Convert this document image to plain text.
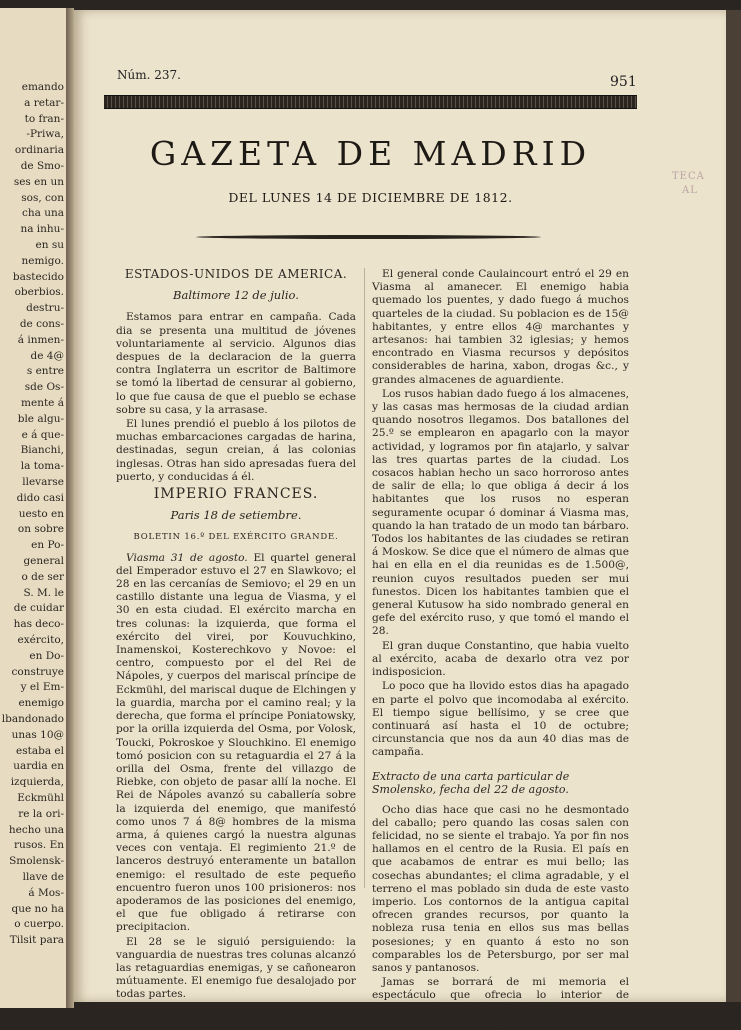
emando
a retar-
to fran-
-Priwa,
ordinaria
de Smo-
ses en un
sos, con
cha una
na inhu-
en su
nemigo.
bastecido
oberbios.
destru-
de cons-
á inmen-
de 4@
s entre
sde Os-
mente á
ble algu-
e á que-
Bianchi,
la toma-
llevarse
dido casi
uesto en
on sobre
en Po-
general
o de ser
S. M. le
de cuidar
has deco-
exército,
en Do-
construye
y el Em-
enemigo
lbandonado
unas 10@
estaba el
uardia en
izquierda,
Eckmühl
re la ori-
hecho una
rusos. En
Smolensk-
llave de
á Mos-
que no ha
o cuerpo.
Tilsit para
Núm. 237.	951
GAZETA DE MADRID
DEL LUNES 14 DE DICIEMBRE DE 1812.
TECA
AL
ESTADOS-UNIDOS DE AMERICA.
Baltimore 12 de julio.

Estamos para entrar en campaña. Cada dia se presenta una multitud de jóvenes voluntariamente al servicio. Algunos dias despues de la declaracion de la guerra contra Inglaterra un escritor de Baltimore se tomó la libertad de censurar al gobierno, lo que fue causa de que el pueblo se echase sobre su casa, y la arrasase.

El lunes prendió el pueblo á los pilotos de muchas embarcaciones cargadas de harina, destinadas, segun creian, á las colonias inglesas. Otras han sido apresadas fuera del puerto, y conducidas á él.

IMPERIO FRANCES.
Paris 18 de setiembre.
BOLETIN 16.º DEL EXÉRCITO GRANDE.

Viasma 31 de agosto. El quartel general del Emperador estuvo el 27 en Slawkovo; el 28 en las cercanías de Semiovo; el 29 en un castillo distante una legua de Viasma, y el 30 en esta ciudad. El exército marcha en tres colunas: la izquierda, que forma el exército del virei, por Kouvuchkino, Inamenskoi, Kosterechkovo y Novoe: el centro, compuesto por el del Rei de Nápoles, y cuerpos del mariscal príncipe de Eckmühl, del mariscal duque de Elchingen y la guardia, marcha por el camino real; y la derecha, que forma el príncipe Poniatowsky, por la orilla izquierda del Osma, por Volosk, Toucki, Pokroskoe y Slouchkino. El enemigo tomó posicion con su retaguardia el 27 á la orilla del Osma, frente del villazgo de Riebke, con objeto de pasar allí la noche. El Rei de Nápoles avanzó su caballería sobre la izquierda del enemigo, que manifestó como unos 7 á 8@ hombres de la misma arma, á quienes cargó la nuestra algunas veces con ventaja. El regimiento 21.º de lanceros destruyó enteramente un batallon enemigo: el resultado de este pequeño encuentro fueron unos 100 prisioneros: nos apoderamos de las posiciones del enemigo, el que fue obligado á retirarse con precipitacion.

El 28 se le siguió persiguiendo: la vanguardia de nuestras tres colunas alcanzó las retaguardias enemigas, y se cañonearon mútuamente. El enemigo fue desalojado por todas partes.

El general conde Caulaincourt entró el 29 en Viasma al amanecer. El enemigo habia quemado los puentes, y dado fuego á muchos quarteles de la ciudad. Su poblacion es de 15@ habitantes, y entre ellos 4@ marchantes y artesanos: hai tambien 32 iglesias; y hemos encontrado en Viasma recursos y depósitos considerables de harina, xabon, drogas &c., y grandes almacenes de aguardiente.

Los rusos habian dado fuego á los almacenes, y las casas mas hermosas de la ciudad ardian quando nosotros llegamos. Dos batallones del 25.º se emplearon en apagarlo con la mayor actividad, y logramos por fin atajarlo, y salvar las tres quartas partes de la ciudad. Los cosacos habian hecho un saco horroroso antes de salir de ella; lo que obliga á decir á los habitantes que los rusos no esperan seguramente ocupar ó dominar á Viasma mas, quando la han tratado de un modo tan bárbaro. Todos los habitantes de las ciudades se retiran á Moskow. Se dice que el número de almas que hai en ella en el dia reunidas es de 1.500@, reunion cuyos resultados pueden ser mui funestos. Dicen los habitantes tambien que el general Kutusow ha sido nombrado general en gefe del exército ruso, y que tomó el mando el 28.

El gran duque Constantino, que habia vuelto al exército, acaba de dexarlo otra vez por indisposicion.

Lo poco que ha llovido estos dias ha apagado en parte el polvo que incomodaba al exército. El tiempo sigue bellísimo, y se cree que continuará así hasta el 10 de octubre; circunstancia que nos da aun 40 dias mas de campaña.

Extracto de una carta particular de Smolensko, fecha del 22 de agosto.

Ocho dias hace que casi no he desmontado del caballo; pero quando las cosas salen con felicidad, no se siente el trabajo. Ya por fin nos hallamos en el centro de la Rusia. El país en que acabamos de entrar es mui bello; las cosechas abundantes; el clima agradable, y el terreno el mas poblado sin duda de este vasto imperio. Los contornos de la antigua capital ofrecen grandes recursos, por quanto la nobleza rusa tenia en ellos sus mas bellas posesiones; y en quanto á esto no son comparables los de Petersburgo, por ser mal sanos y pantanosos.

Jamas se borrará de mi memoria el espectáculo que ofrecia lo interior de Smolensko á nuestra entrada. Figuraos todas las calles, todas las plazas lle-
